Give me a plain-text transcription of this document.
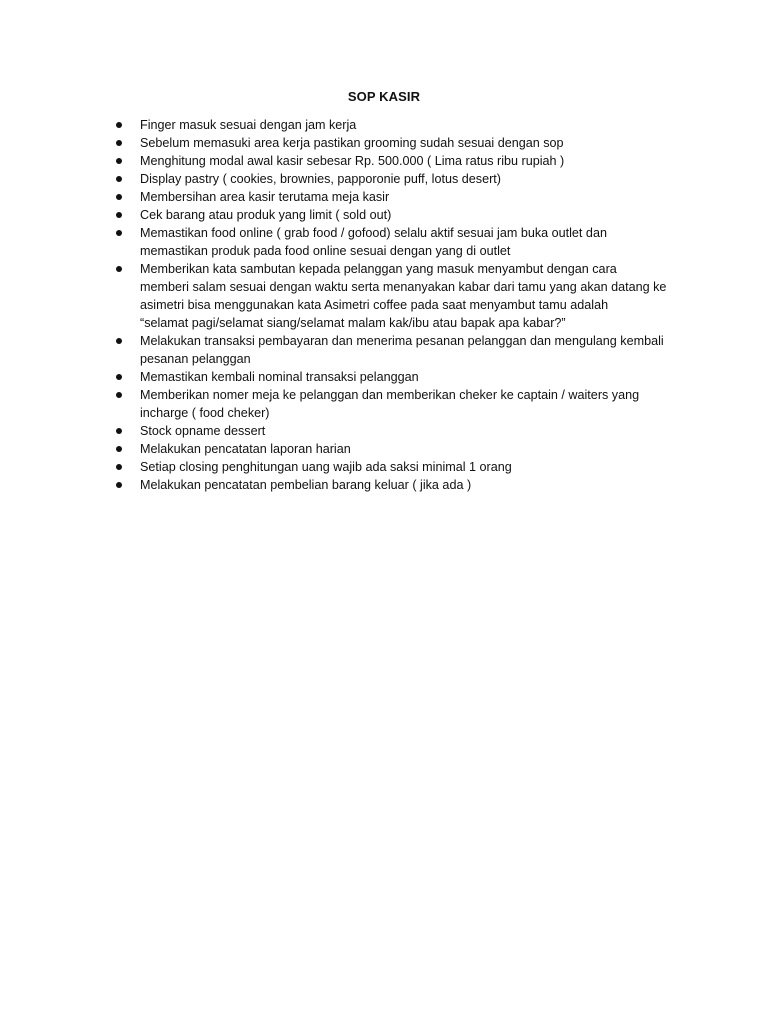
SOP KASIR
Finger masuk sesuai dengan jam kerja
Sebelum memasuki area kerja pastikan grooming sudah sesuai dengan sop
Menghitung modal awal kasir sebesar Rp. 500.000 ( Lima ratus ribu rupiah )
Display pastry ( cookies, brownies, papporonie puff, lotus desert)
Membersihan area kasir terutama meja kasir
Cek barang atau produk yang limit ( sold out)
Memastikan food online ( grab food / gofood) selalu aktif sesuai jam buka outlet dan
memastikan produk pada food online sesuai dengan yang di outlet
Memberikan kata sambutan kepada pelanggan yang masuk menyambut dengan cara
memberi salam sesuai dengan waktu serta menanyakan kabar dari tamu yang akan datang ke
asimetri bisa menggunakan kata Asimetri coffee pada saat menyambut tamu adalah
“selamat pagi/selamat siang/selamat malam kak/ibu atau bapak apa kabar?”
Melakukan transaksi pembayaran dan menerima pesanan pelanggan dan mengulang kembali
pesanan pelanggan
Memastikan kembali nominal transaksi pelanggan
Memberikan nomer meja ke pelanggan dan memberikan cheker ke captain / waiters yang
incharge ( food cheker)
Stock opname dessert
Melakukan pencatatan laporan harian
Setiap closing penghitungan uang wajib ada saksi minimal 1 orang
Melakukan pencatatan pembelian barang keluar ( jika ada )
